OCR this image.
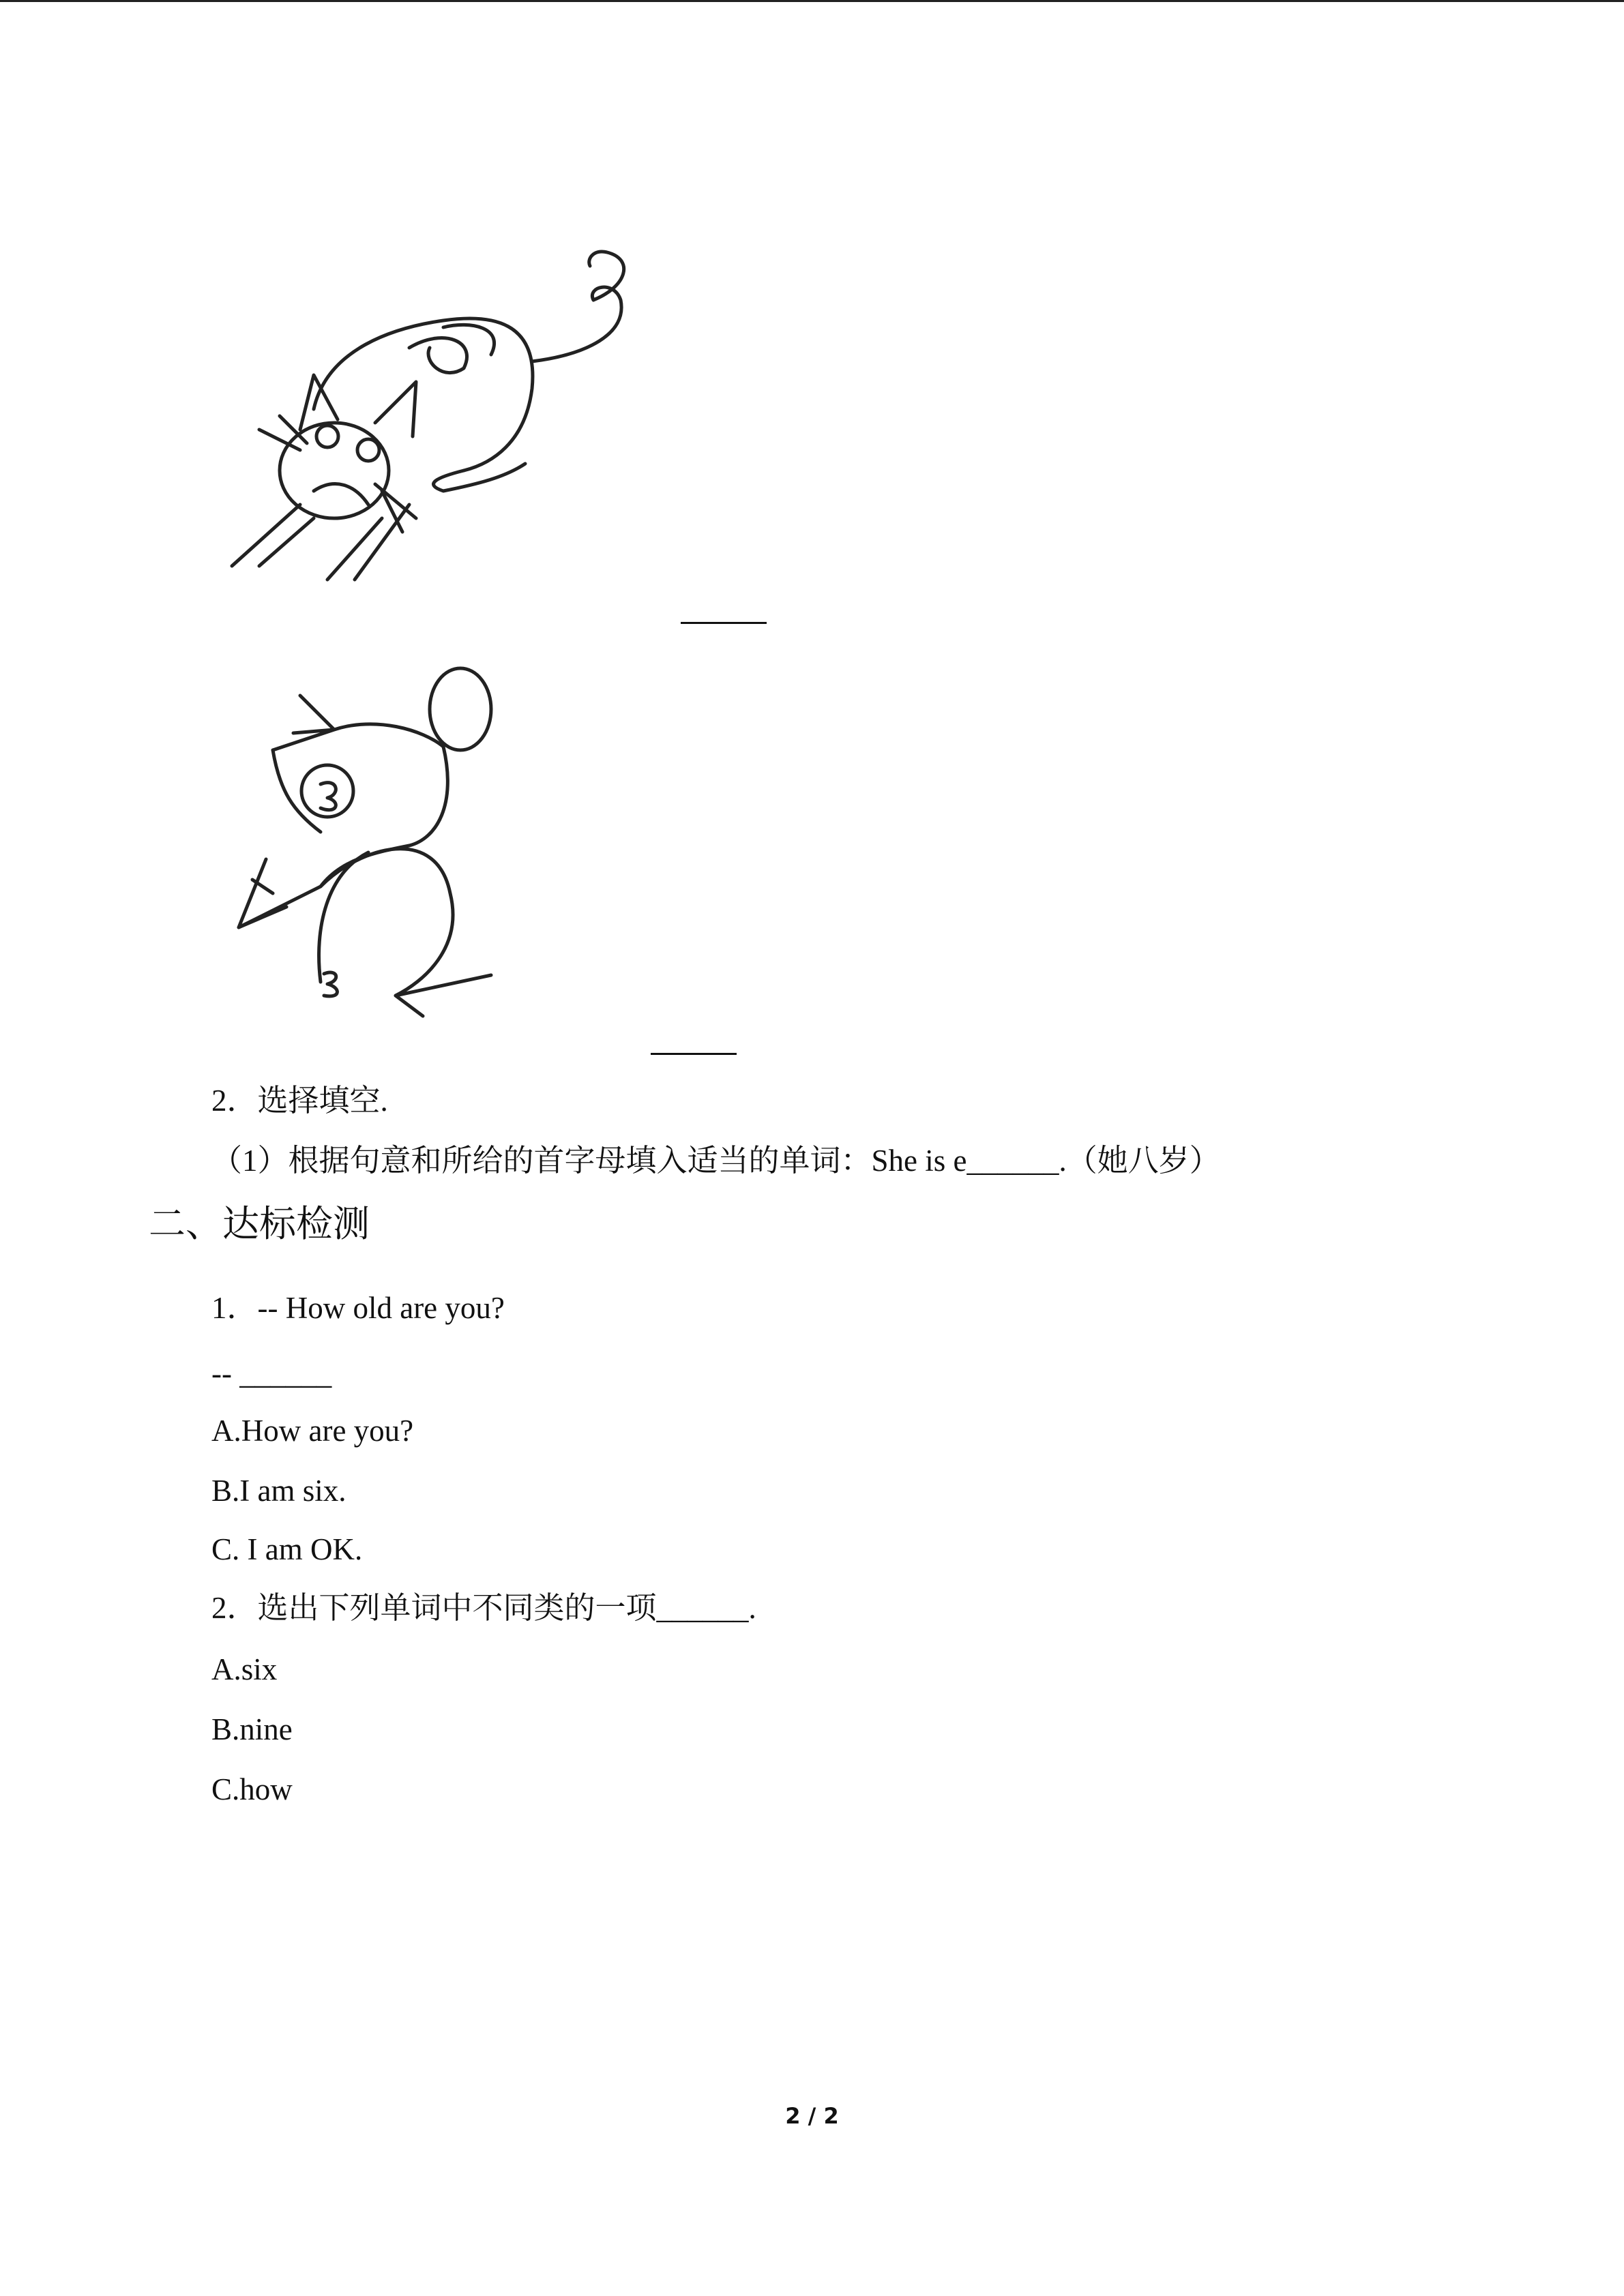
2．选择填空.
（1）根据句意和所给的首字母填入适当的单词：She is e______.（她八岁）
二、达标检测
1．-- How old are you?
-- ______
A.How are you?
B.I am six.
C. I am OK.
2．选出下列单词中不同类的一项______.
A.six
B.nine
C.how
2 / 2
